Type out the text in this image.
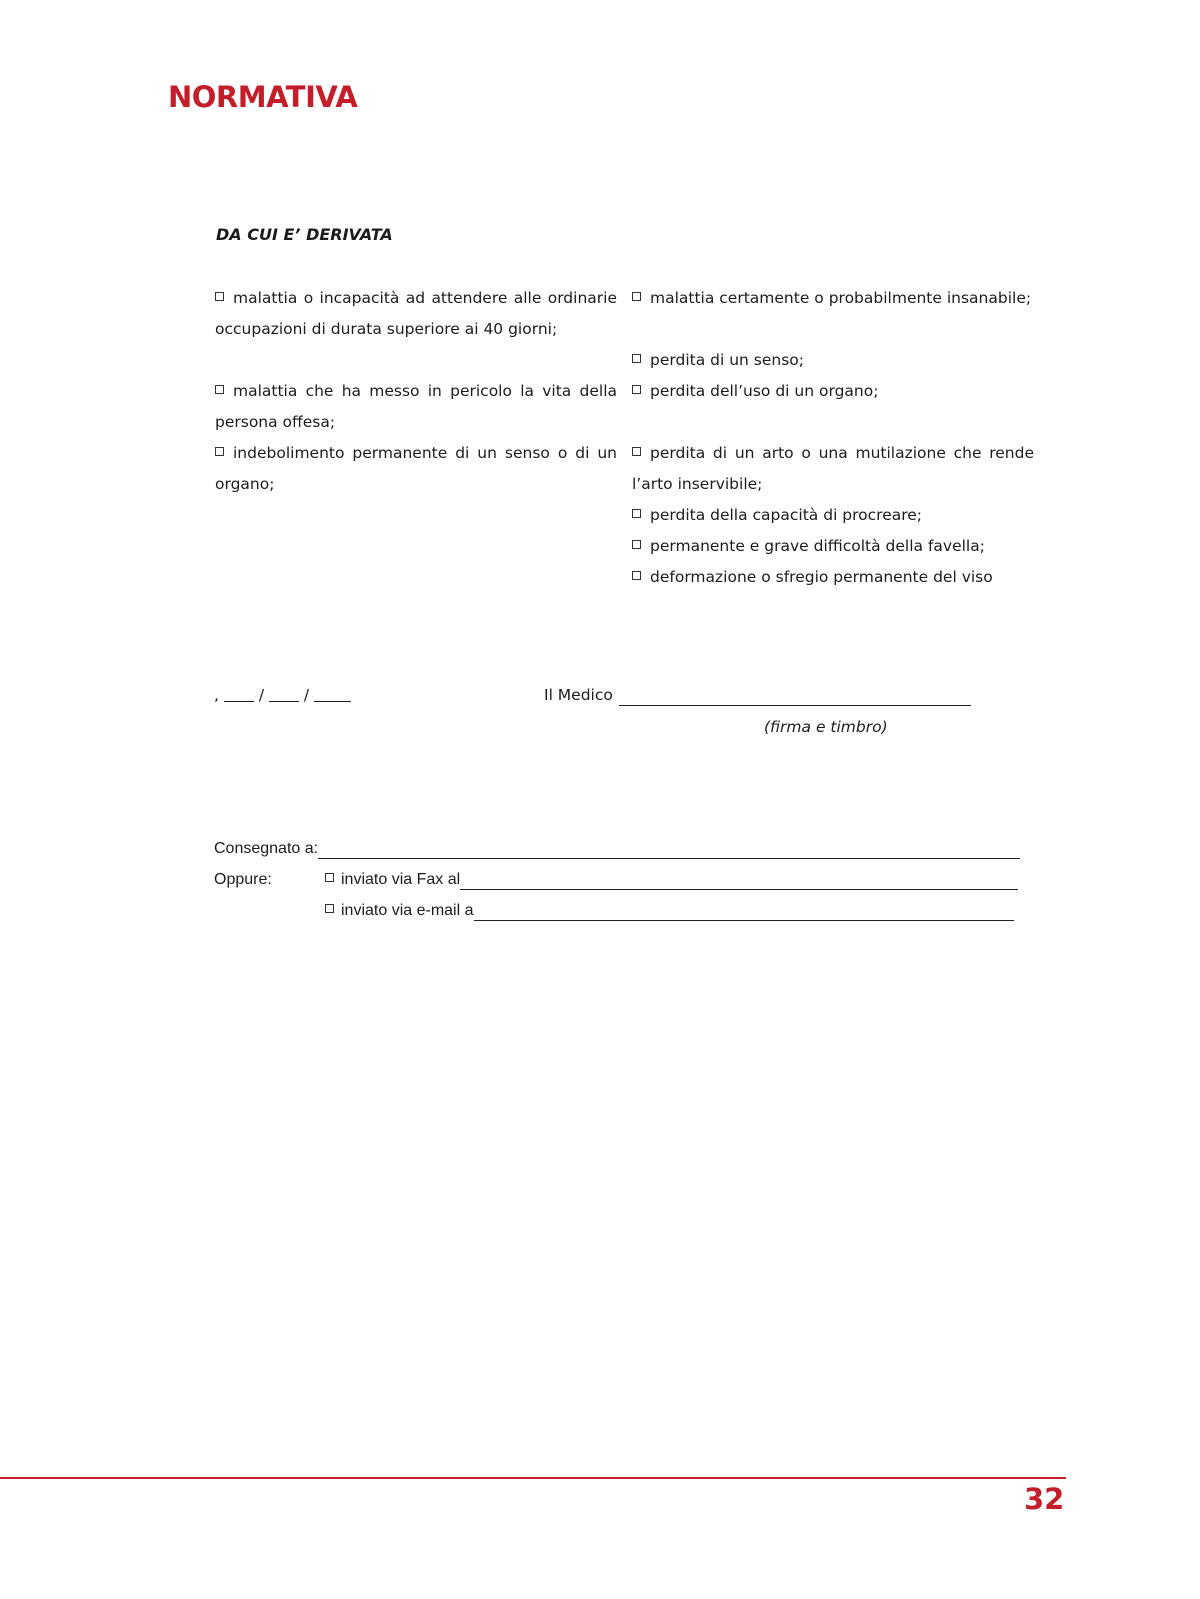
NORMATIVA
DA CUI E’ DERIVATA

malattia o incapacità ad attendere alle ordinarie occupazioni di durata superiore ai 40 giorni;

malattia che ha messo in pericolo la vita della persona offesa;

indebolimento permanente di un senso o di un organo;

malattia certamente o probabilmente insanabile;

perdita di un senso;

perdita dell’uso di un organo;

perdita di un arto o una mutilazione che rende l’arto inservibile;

perdita della capacità di procreare;

permanente e grave difficoltà della favella;

deformazione o sfregio permanente del viso

,	/	/	Il Medico
(firma e timbro)
Consegnato a:
Oppure:	inviato via Fax al
inviato via e-mail a
32
